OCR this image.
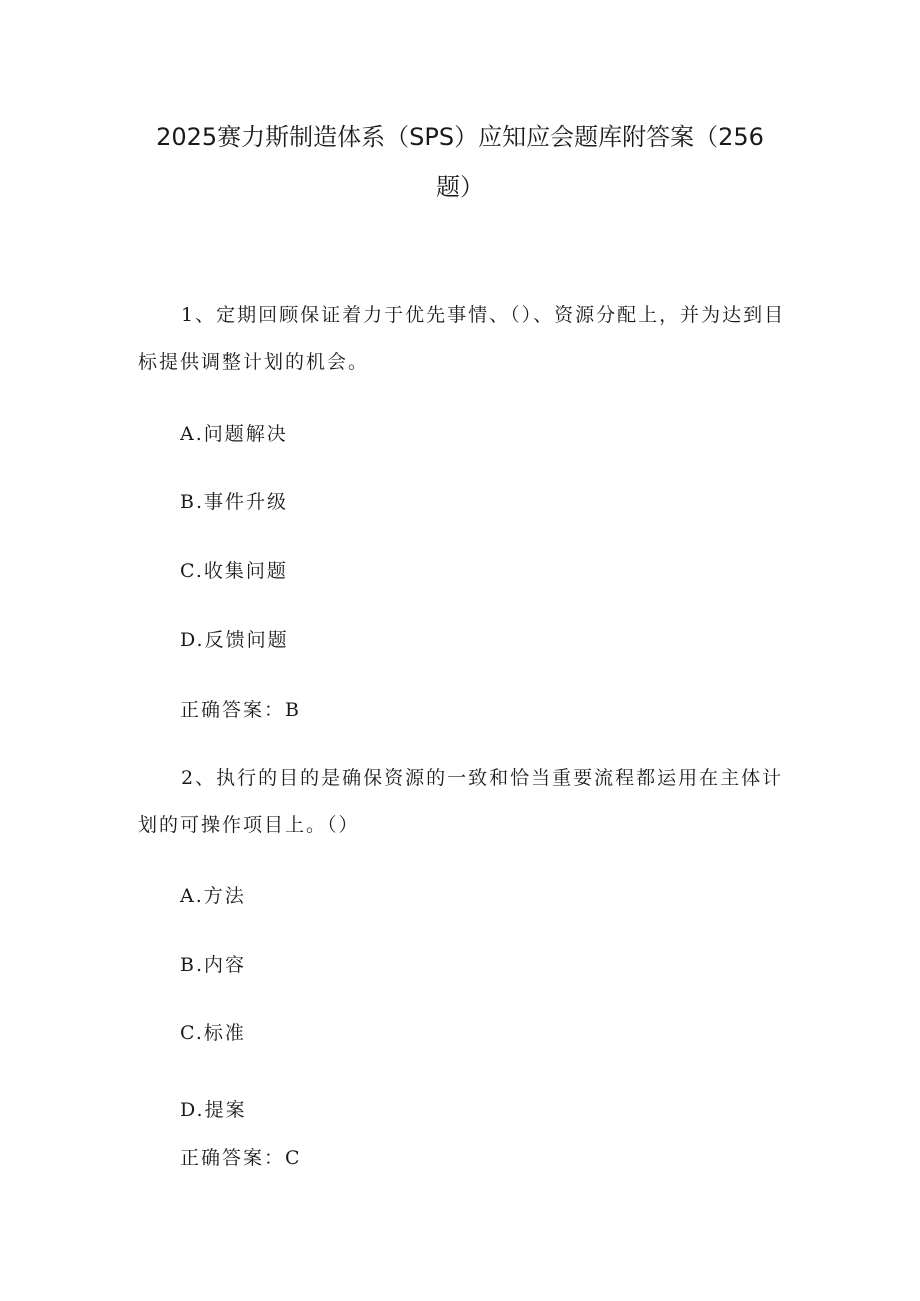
2025赛力斯制造体系（SPS）应知应会题库附答案（256
题）
1、定期回顾保证着力于优先事情、（）、资源分配上，并为达到目标提供调整计划的机会。
A.问题解决
B.事件升级
C.收集问题
D.反馈问题
正确答案：B
2、执行的目的是确保资源的一致和恰当重要流程都运用在主体计划的可操作项目上。（）
A.方法
B.内容
C.标准
D.提案
正确答案：C
